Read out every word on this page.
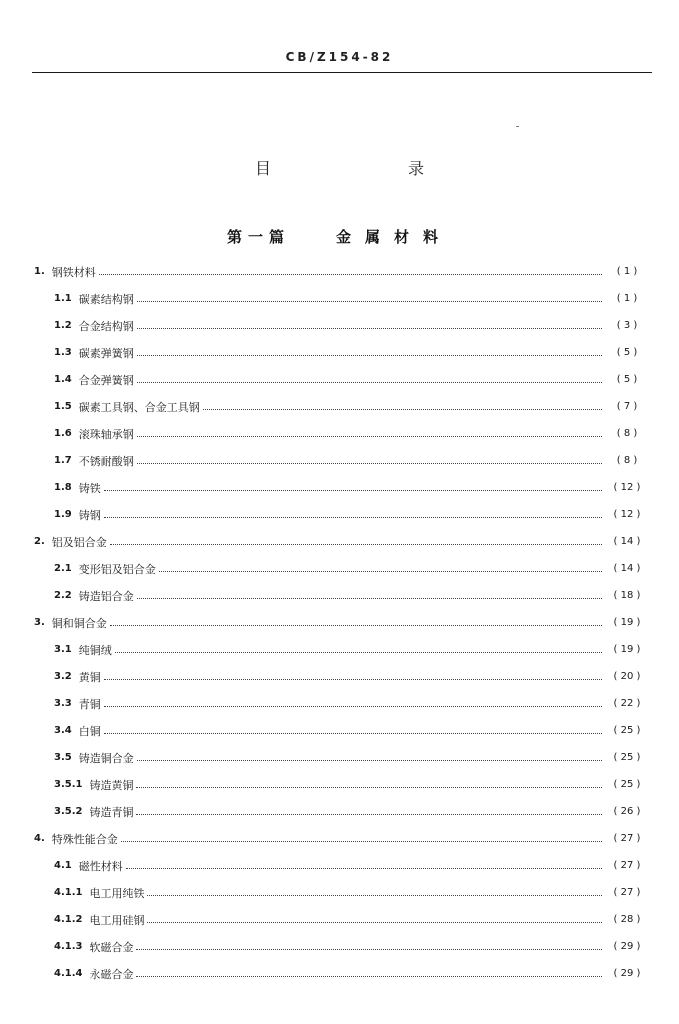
CB/Z154-82
目 录
第一篇	金属材料
1. 钢铁材料	( 1 )
1.1 碳素结构钢	( 1 )
1.2 合金结构钢	( 3 )
1.3 碳素弹簧钢	( 5 )
1.4 合金弹簧钢	( 5 )
1.5 碳素工具钢、合金工具钢	( 7 )
1.6 滚珠轴承钢	( 8 )
1.7 不锈耐酸钢	( 8 )
1.8 铸铁	( 12 )
1.9 铸钢	( 12 )
2. 铝及铝合金	( 14 )
2.1 变形铝及铝合金	( 14 )
2.2 铸造铝合金	( 18 )
3. 铜和铜合金	( 19 )
3.1 纯铜绒	( 19 )
3.2 黄铜	( 20 )
3.3 青铜	( 22 )
3.4 白铜	( 25 )
3.5 铸造铜合金	( 25 )
3.5.1 铸造黄铜	( 25 )
3.5.2 铸造青铜	( 26 )
4. 特殊性能合金	( 27 )
4.1 磁性材料	( 27 )
4.1.1 电工用纯铁	( 27 )
4.1.2 电工用硅钢	( 28 )
4.1.3 软磁合金	( 29 )
4.1.4 永磁合金	( 29 )
